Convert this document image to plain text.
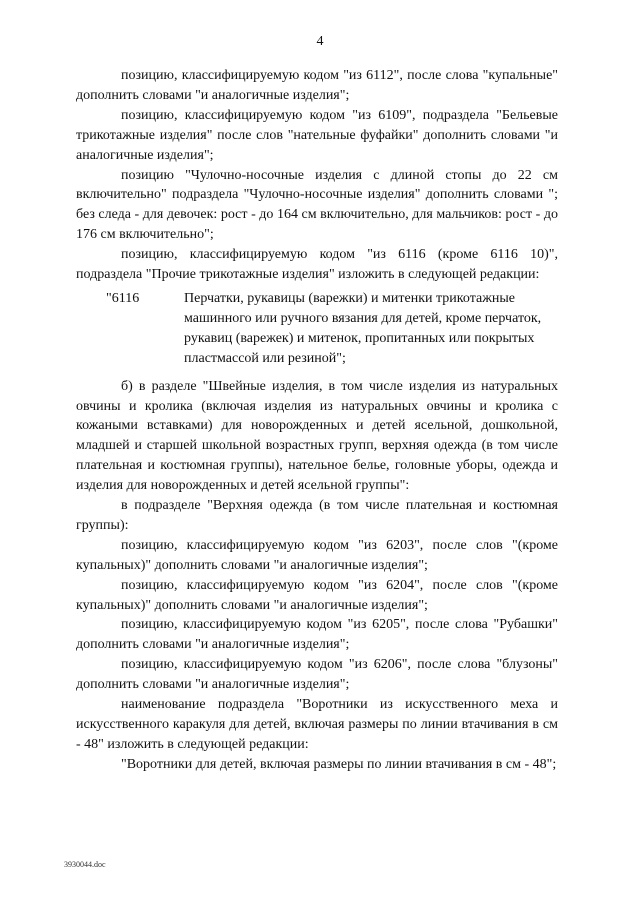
4

позицию, классифицируемую кодом "из 6112", после слова "купальные" дополнить словами "и аналогичные изделия";

позицию, классифицируемую кодом "из 6109", подраздела "Бельевые трикотажные изделия" после слов "нательные фуфайки" дополнить словами "и аналогичные изделия";

позицию "Чулочно-носочные изделия с длиной стопы до 22 см включительно" подраздела "Чулочно-носочные изделия" дополнить словами "; без следа - для девочек: рост - до 164 см включительно, для мальчиков: рост - до 176 см включительно";

позицию, классифицируемую кодом "из 6116 (кроме 6116 10)", подраздела "Прочие трикотажные изделия" изложить в следующей редакции:

"6116	Перчатки, рукавицы (варежки) и митенки трикотажные машинного или ручного вязания для детей, кроме перчаток, рукавиц (варежек) и митенок, пропитанных или покрытых пластмассой или резиной";

б) в разделе "Швейные изделия, в том числе изделия из натуральных овчины и кролика (включая изделия из натуральных овчины и кролика с кожаными вставками) для новорожденных и детей ясельной, дошкольной, младшей и старшей школьной возрастных групп, верхняя одежда (в том числе плательная и костюмная группы), нательное белье, головные уборы, одежда и изделия для новорожденных и детей ясельной группы":

в подразделе "Верхняя одежда (в том числе плательная и костюмная группы):

позицию, классифицируемую кодом "из 6203", после слов "(кроме купальных)" дополнить словами "и аналогичные изделия";

позицию, классифицируемую кодом "из 6204", после слов "(кроме купальных)" дополнить словами "и аналогичные изделия";

позицию, классифицируемую кодом "из 6205", после слова "Рубашки" дополнить словами "и аналогичные изделия";

позицию, классифицируемую кодом "из 6206", после слова "блузоны" дополнить словами "и аналогичные изделия";

наименование подраздела "Воротники из искусственного меха и искусственного каракуля для детей, включая размеры по линии втачивания в см - 48" изложить в следующей редакции:

"Воротники для детей, включая размеры по линии втачивания в см - 48";

3930044.doc
